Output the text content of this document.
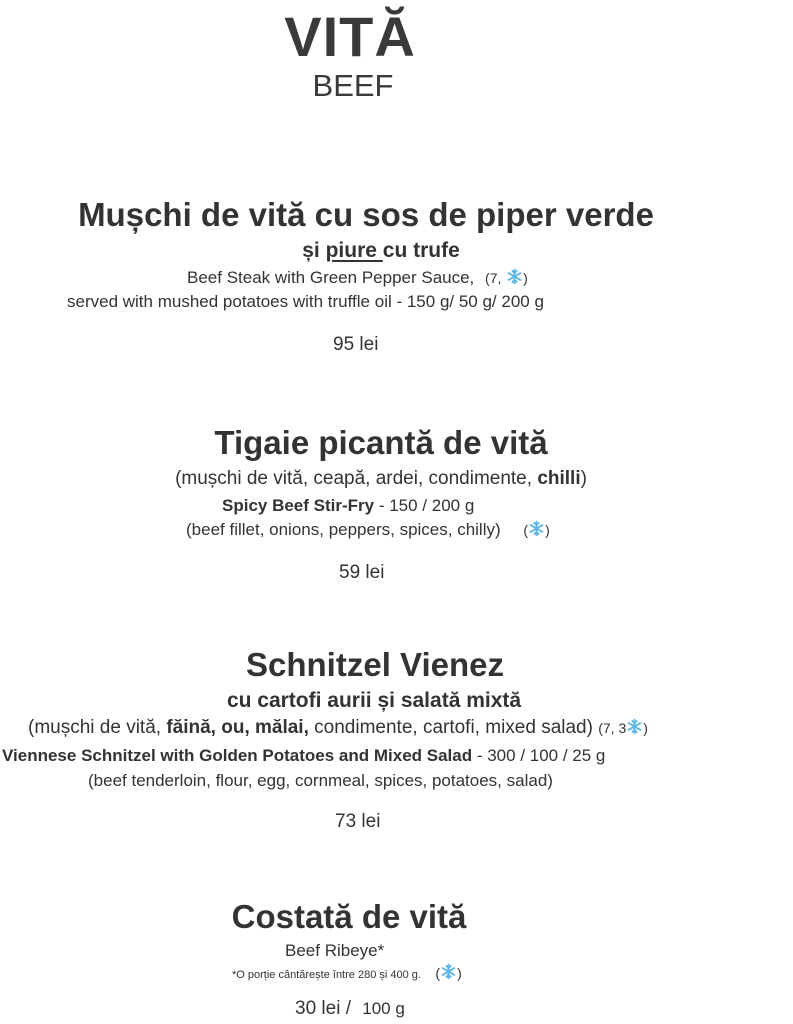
VITĂ
BEEF
Mușchi de vită cu sos de piper verde
și piure cu trufe
Beef Steak with Green Pepper Sauce, (7, )
served with mushed potatoes with truffle oil - 150 g/ 50 g/ 200 g
95 lei
Tigaie picantă de vită
(mușchi de vită, ceapă, ardei, condimente, chilli)
Spicy Beef Stir-Fry - 150 / 200 g
(beef fillet, onions, peppers, spices, chilly) ( )
59 lei
Schnitzel Vienez
cu cartofi aurii și salată mixtă
(mușchi de vită, făină, ou, mălai, condimente, cartofi, mixed salad) (7, 3 )
Viennese Schnitzel with Golden Potatoes and Mixed Salad - 300 / 100 / 25 g
(beef tenderloin, flour, egg, cornmeal, spices, potatoes, salad)
73 lei
Costată de vită
Beef Ribeye*
*O porție cântărește între 280 și 400 g. ( )
30 lei / 100 g
